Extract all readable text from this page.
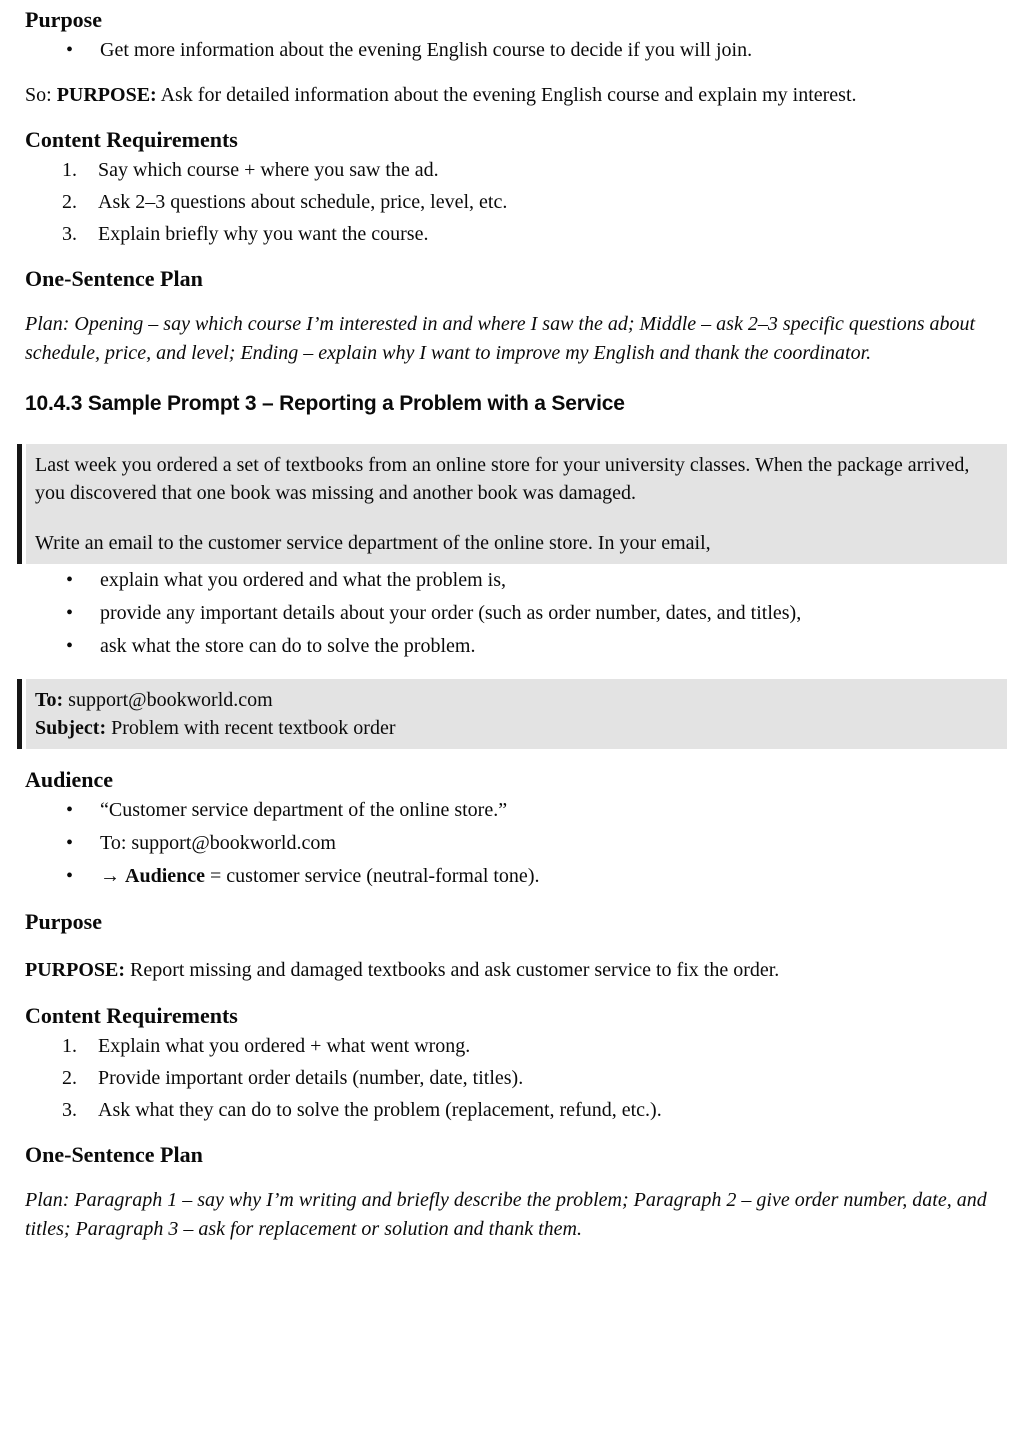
Purpose
• Get more information about the evening English course to decide if you will join.

So: PURPOSE: Ask for detailed information about the evening English course and explain my interest.

Content Requirements
Say which course + where you saw the ad.
Ask 2–3 questions about schedule, price, level, etc.
Explain briefly why you want the course.
One-Sentence Plan

Plan: Opening – say which course I’m interested in and where I saw the ad; Middle – ask 2–3 specific questions about schedule, price, and level; Ending – explain why I want to improve my English and thank the coordinator.

10.4.3 Sample Prompt 3 – Reporting a Problem with a Service

Last week you ordered a set of textbooks from an online store for your university classes. When the package arrived, you discovered that one book was missing and another book was damaged.

Write an email to the customer service department of the online store. In your email,

• explain what you ordered and what the problem is,
• provide any important details about your order (such as order number, dates, and titles),
• ask what the store can do to solve the problem.

To: support@bookworld.com

Subject: Problem with recent textbook order

Audience
• “Customer service department of the online store.”
• To: support@bookworld.com
• → Audience = customer service (neutral-formal tone).
Purpose

PURPOSE: Report missing and damaged textbooks and ask customer service to fix the order.

Content Requirements
Explain what you ordered + what went wrong.
Provide important order details (number, date, titles).
Ask what they can do to solve the problem (replacement, refund, etc.).
One-Sentence Plan

Plan: Paragraph 1 – say why I’m writing and briefly describe the problem; Paragraph 2 – give order number, date, and titles; Paragraph 3 – ask for replacement or solution and thank them.
